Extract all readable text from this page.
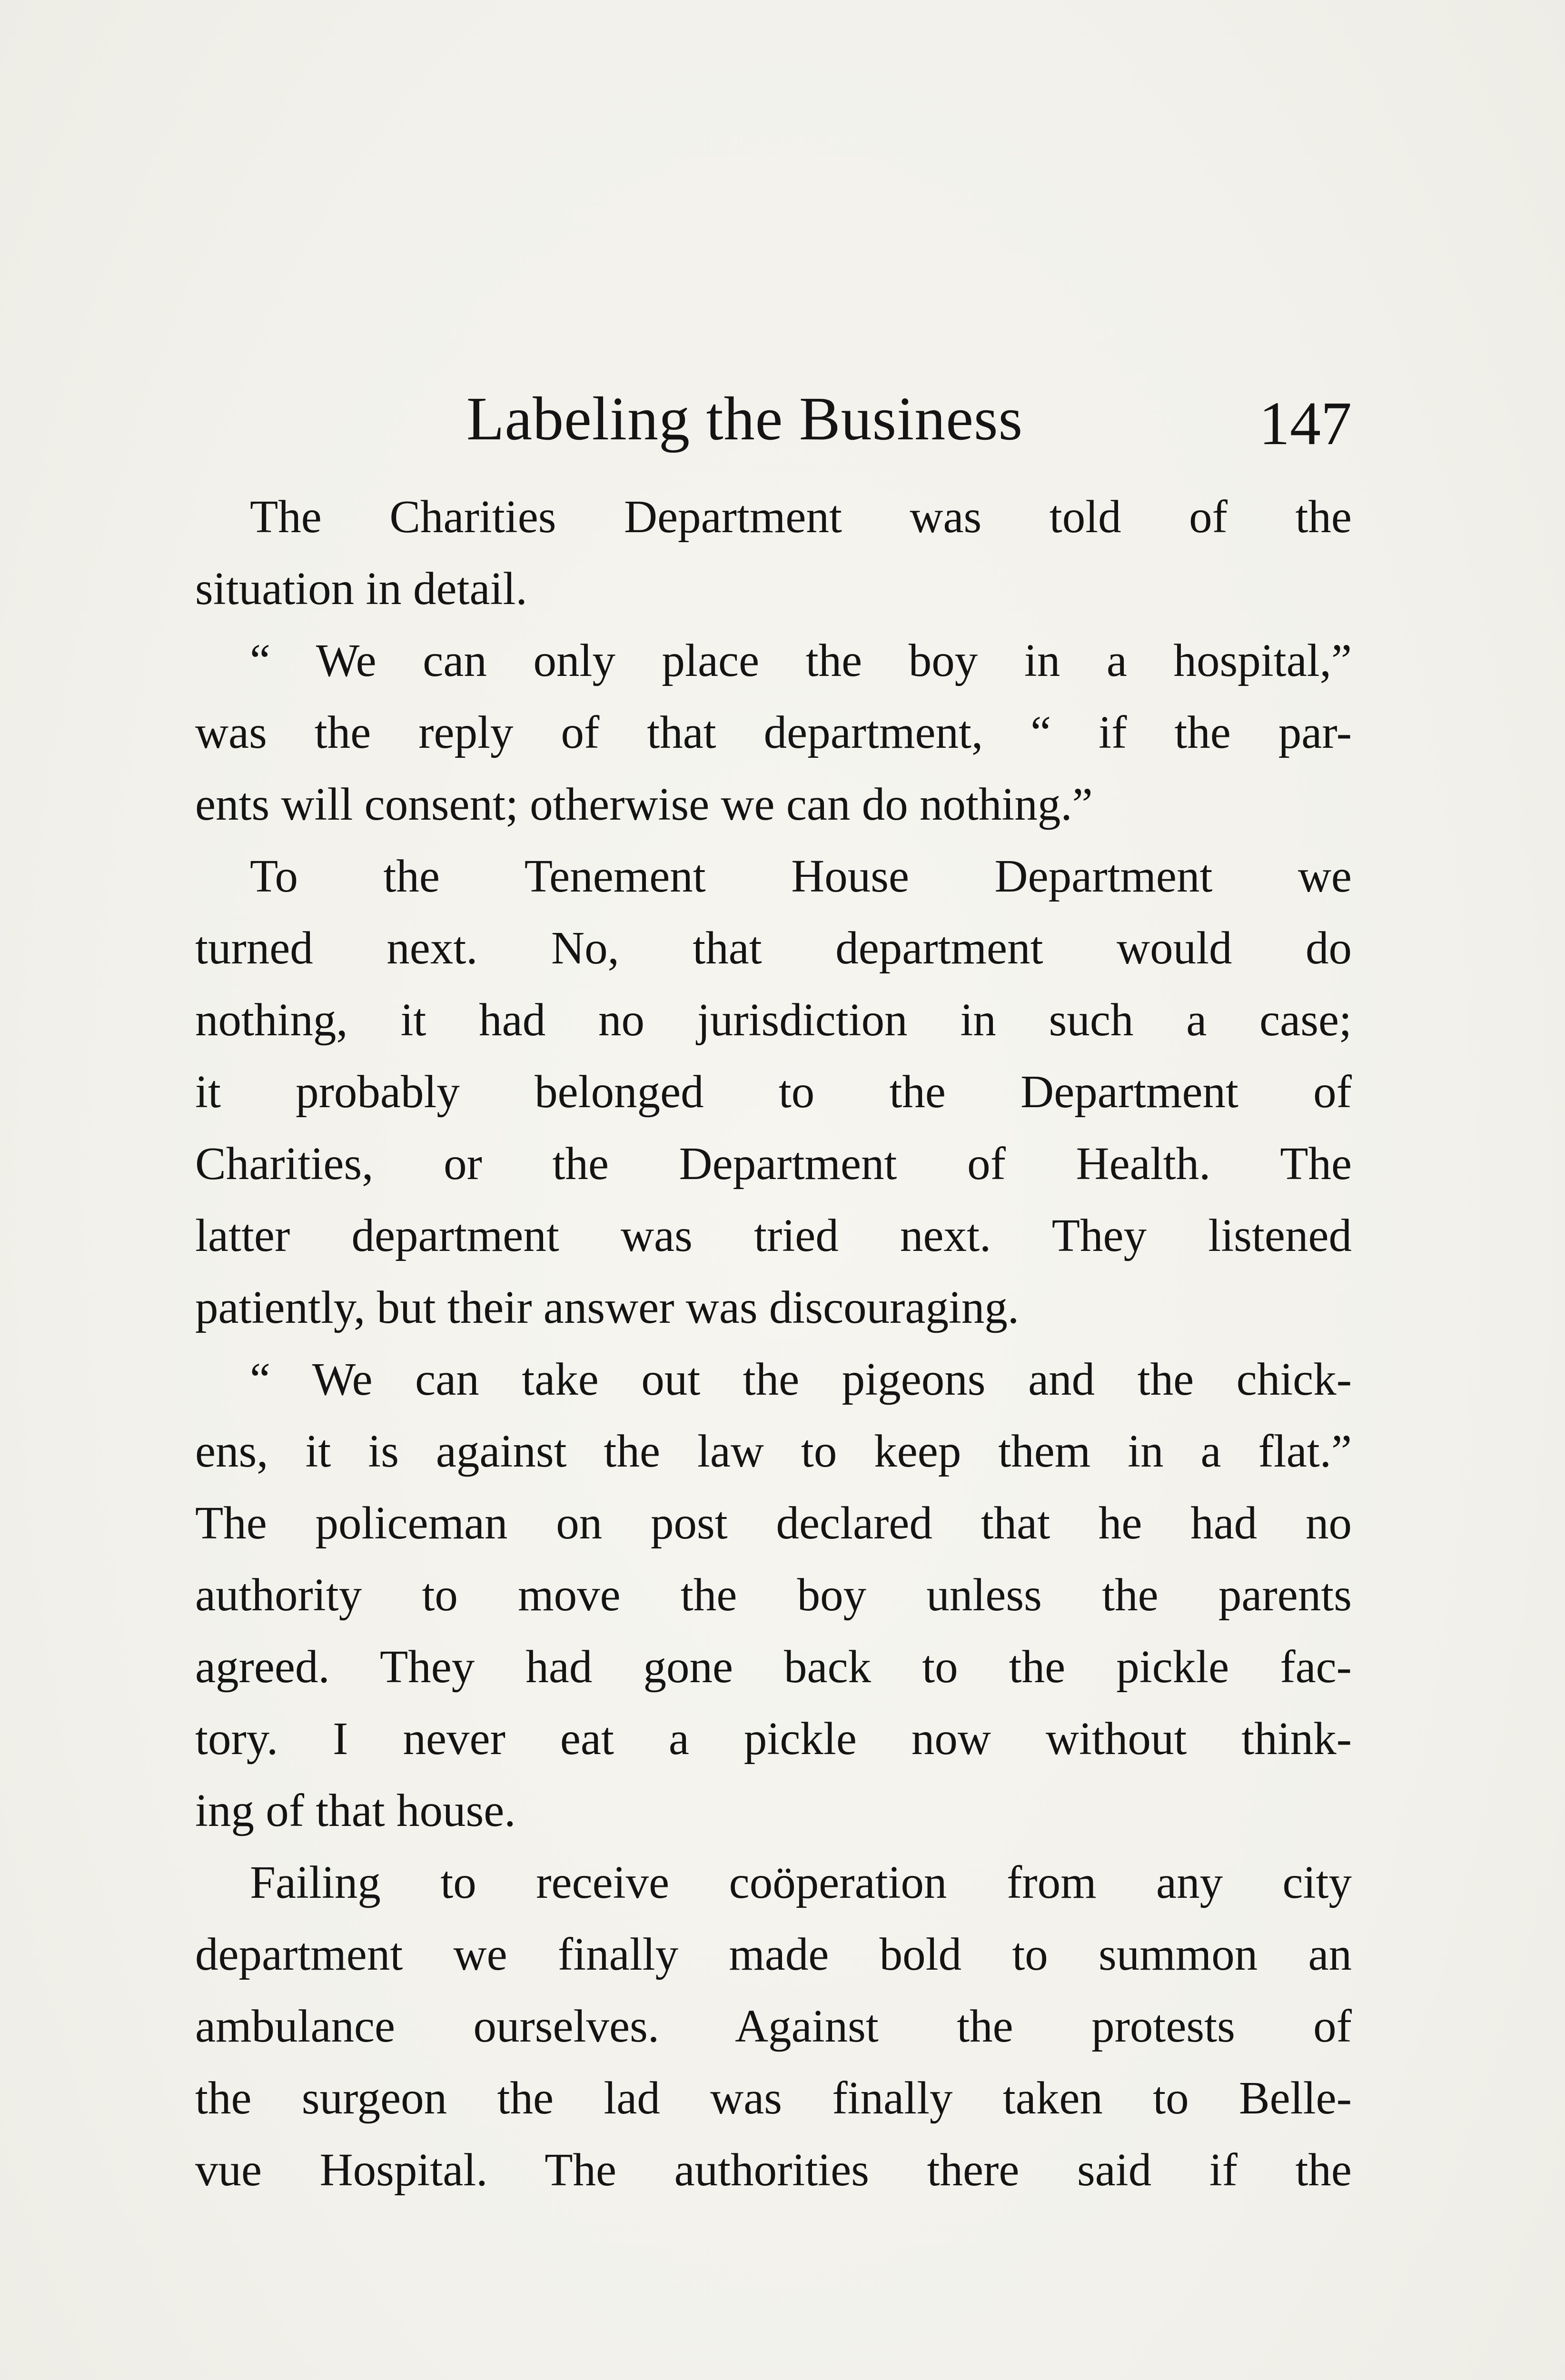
Labeling the Business	147
The Charities Department was told of the
situation in detail.
“ We can only place the boy in a hospital,”
was the reply of that department, “ if the par-
ents will consent; otherwise we can do nothing.”
To the Tenement House Department we
turned next. No, that department would do
nothing, it had no jurisdiction in such a case;
it probably belonged to the Department of
Charities, or the Department of Health. The
latter department was tried next. They listened
patiently, but their answer was discouraging.
“ We can take out the pigeons and the chick-
ens, it is against the law to keep them in a flat.”
The policeman on post declared that he had no
authority to move the boy unless the parents
agreed. They had gone back to the pickle fac-
tory. I never eat a pickle now without think-
ing of that house.
Failing to receive coöperation from any city
department we finally made bold to summon an
ambulance ourselves. Against the protests of
the surgeon the lad was finally taken to Belle-
vue Hospital. The authorities there said if the
